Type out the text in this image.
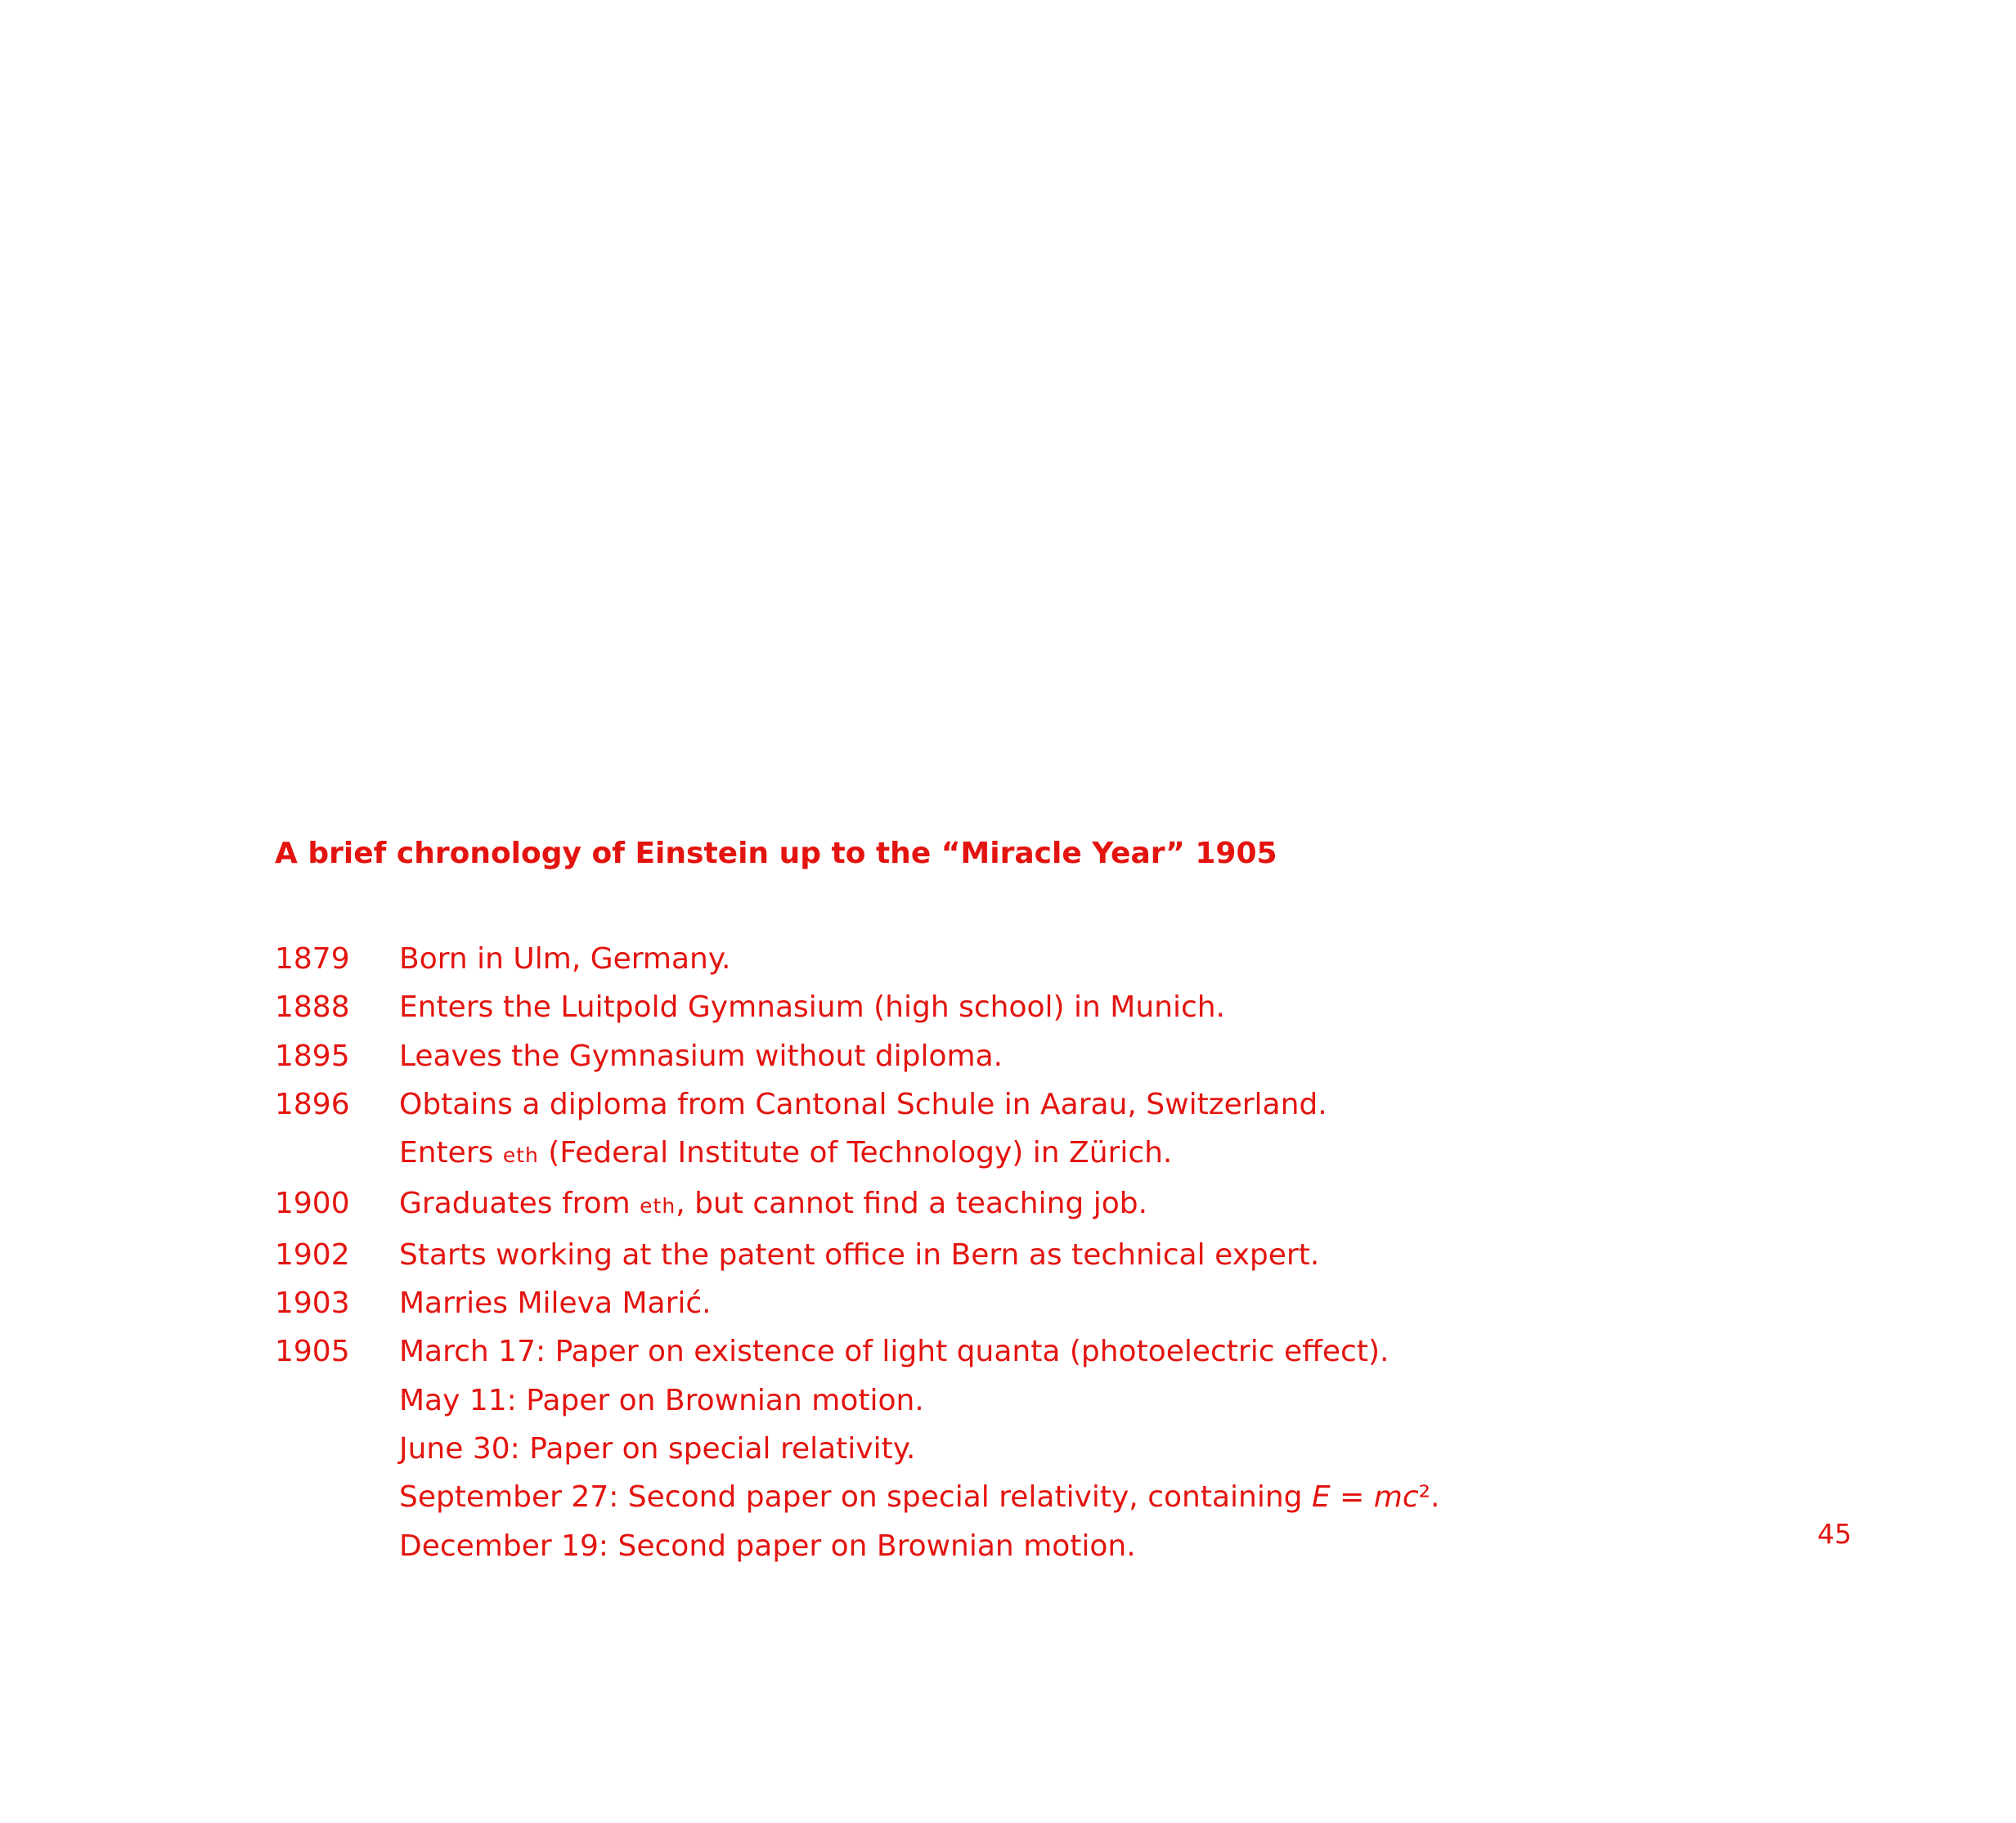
A brief chronology of Einstein up to the “Miracle Year” 1905
1879	Born in Ulm, Germany.
1888	Enters the Luitpold Gymnasium (high school) in Munich.
1895	Leaves the Gymnasium without diploma.
1896	Obtains a diploma from Cantonal Schule in Aarau, Switzerland.
Enters eth (Federal Institute of Technology) in Zürich.
1900	Graduates from eth, but cannot find a teaching job.
1902	Starts working at the patent office in Bern as technical expert.
1903	Marries Mileva Marić.
1905	March 17: Paper on existence of light quanta (photoelectric effect).
May 11: Paper on Brownian motion.
June 30: Paper on special relativity.
September 27: Second paper on special relativity, containing E = mc².
December 19: Second paper on Brownian motion.	45
